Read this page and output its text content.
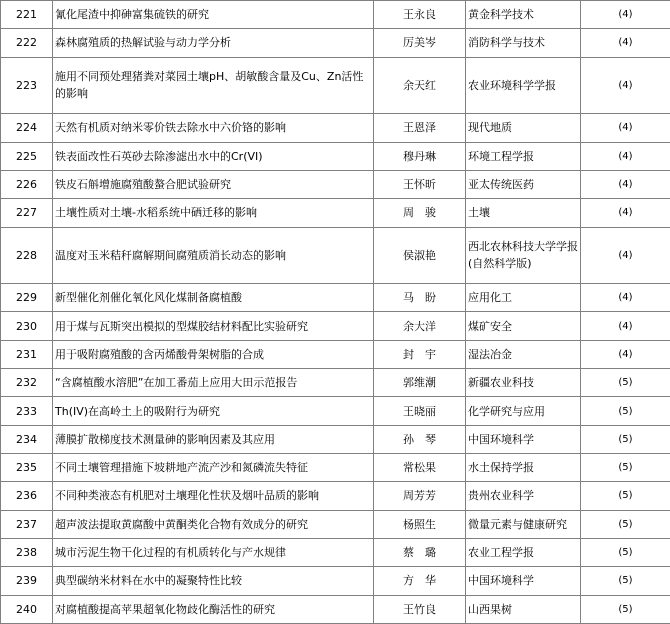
221	氰化尾渣中抑砷富集硫铁的研究	王永良	黄金科学技术	(4)
222	森林腐殖质的热解试验与动力学分析	厉美岑	消防科学与技术	(4)
223	施用不同预处理猪粪对菜园土壤pH、胡敏酸含量及Cu、Zn活性的影响	余天红	农业环境科学学报	(4)
224	天然有机质对纳米零价铁去除水中六价铬的影响	王恩泽	现代地质	(4)
225	铁表面改性石英砂去除渗滤出水中的Cr(VI)	穆丹琳	环境工程学报	(4)
226	铁皮石斛增施腐殖酸螯合肥试验研究	王怀昕	亚太传统医药	(4)
227	土壤性质对土壤-水稻系统中硒迁移的影响	周　骏	土壤	(4)
228	温度对玉米秸秆腐解期间腐殖质消长动态的影响	侯淑艳	西北农林科技大学学报(自然科学版)	(4)
229	新型催化剂催化氧化风化煤制备腐植酸	马　盼	应用化工	(4)
230	用于煤与瓦斯突出模拟的型煤胶结材料配比实验研究	余大洋	煤矿安全	(4)
231	用于吸附腐殖酸的含丙烯酸骨架树脂的合成	封　宇	湿法冶金	(4)
232	“含腐植酸水溶肥”在加工番茄上应用大田示范报告	郭维潮	新疆农业科技	(5)
233	Th(IV)在高岭土上的吸附行为研究	王晓丽	化学研究与应用	(5)
234	薄膜扩散梯度技术测量砷的影响因素及其应用	孙　琴	中国环境科学	(5)
235	不同土壤管理措施下坡耕地产流产沙和氮磷流失特征	常松果	水土保持学报	(5)
236	不同种类液态有机肥对土壤理化性状及烟叶品质的影响	周芳芳	贵州农业科学	(5)
237	超声波法提取黄腐酸中黄酮类化合物有效成分的研究	杨照生	微量元素与健康研究	(5)
238	城市污泥生物干化过程的有机质转化与产水规律	蔡　璐	农业工程学报	(5)
239	典型碳纳米材料在水中的凝聚特性比较	方　华	中国环境科学	(5)
240	对腐植酸提高苹果超氧化物歧化酶活性的研究	王竹良	山西果树	(5)
